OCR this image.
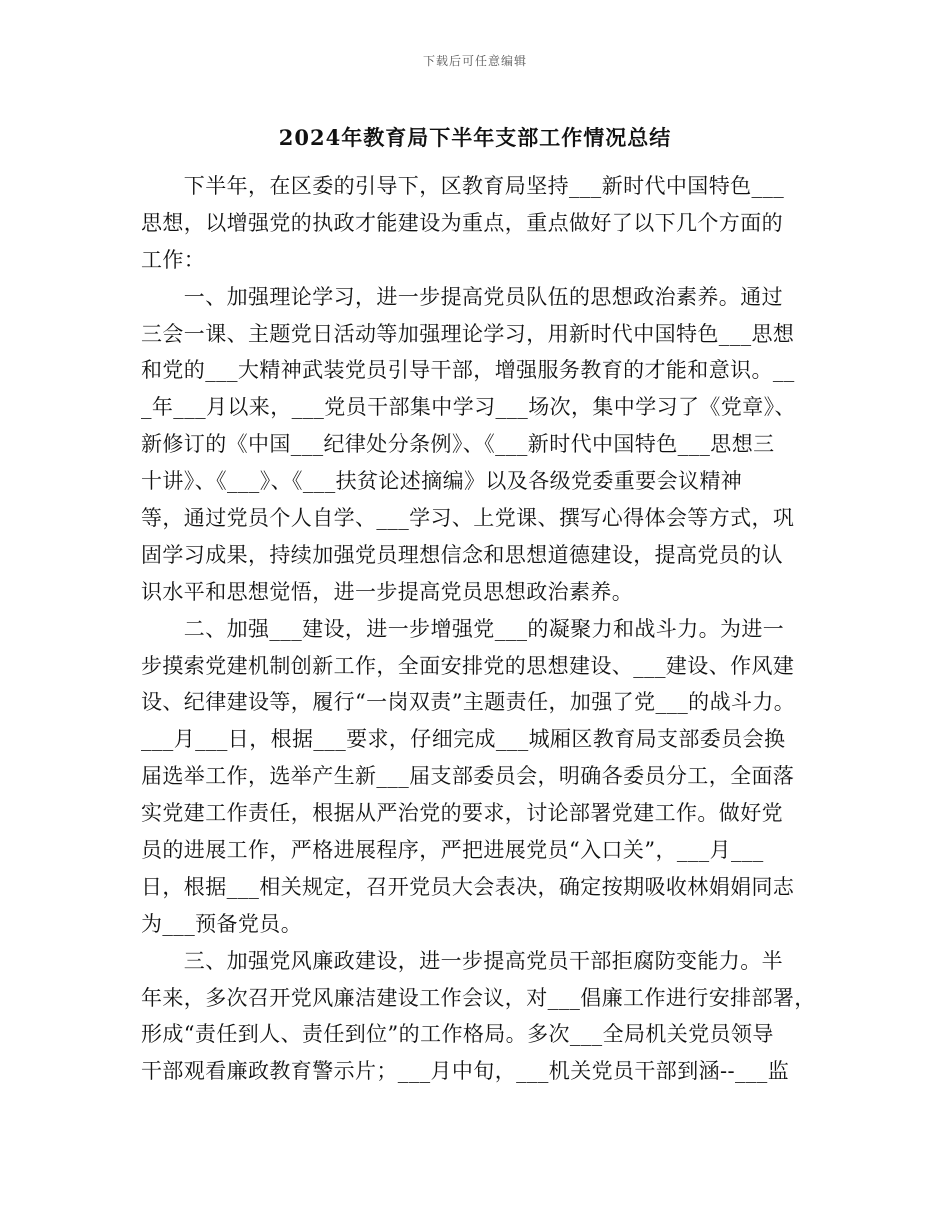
下载后可任意编辑
2024年教育局下半年支部工作情况总结
　　下半年，在区委的引导下，区教育局坚持___新时代中国特色___
思想，以增强党的执政才能建设为重点，重点做好了以下几个方面的
工作：
　　一、加强理论学习，进一步提高党员队伍的思想政治素养。通过
三会一课、主题党日活动等加强理论学习，用新时代中国特色___思想
和党的___大精神武装党员引导干部，增强服务教育的才能和意识。__
_年___月以来，___党员干部集中学习___场次，集中学习了《党章》、
新修订的《中国___纪律处分条例》、《___新时代中国特色___思想三
十讲》、《___》、《___扶贫论述摘编》以及各级党委重要会议精神
等，通过党员个人自学、___学习、上党课、撰写心得体会等方式，巩
固学习成果，持续加强党员理想信念和思想道德建设，提高党员的认
识水平和思想觉悟，进一步提高党员思想政治素养。
　　二、加强___建设，进一步增强党___的凝聚力和战斗力。为进一
步摸索党建机制创新工作，全面安排党的思想建设、___建设、作风建
设、纪律建设等，履行“一岗双责”主题责任，加强了党___的战斗力。
___月___日，根据___要求，仔细完成___城厢区教育局支部委员会换
届选举工作，选举产生新___届支部委员会，明确各委员分工，全面落
实党建工作责任，根据从严治党的要求，讨论部署党建工作。做好党
员的进展工作，严格进展程序，严把进展党员“入口关”，___月___
日，根据___相关规定，召开党员大会表决，确定按期吸收林娟娟同志
为___预备党员。
　　三、加强党风廉政建设，进一步提高党员干部拒腐防变能力。半
年来，多次召开党风廉洁建设工作会议，对___倡廉工作进行安排部署，
形成“责任到人、责任到位”的工作格局。多次___全局机关党员领导
干部观看廉政教育警示片；___月中旬，___机关党员干部到涵--___监
